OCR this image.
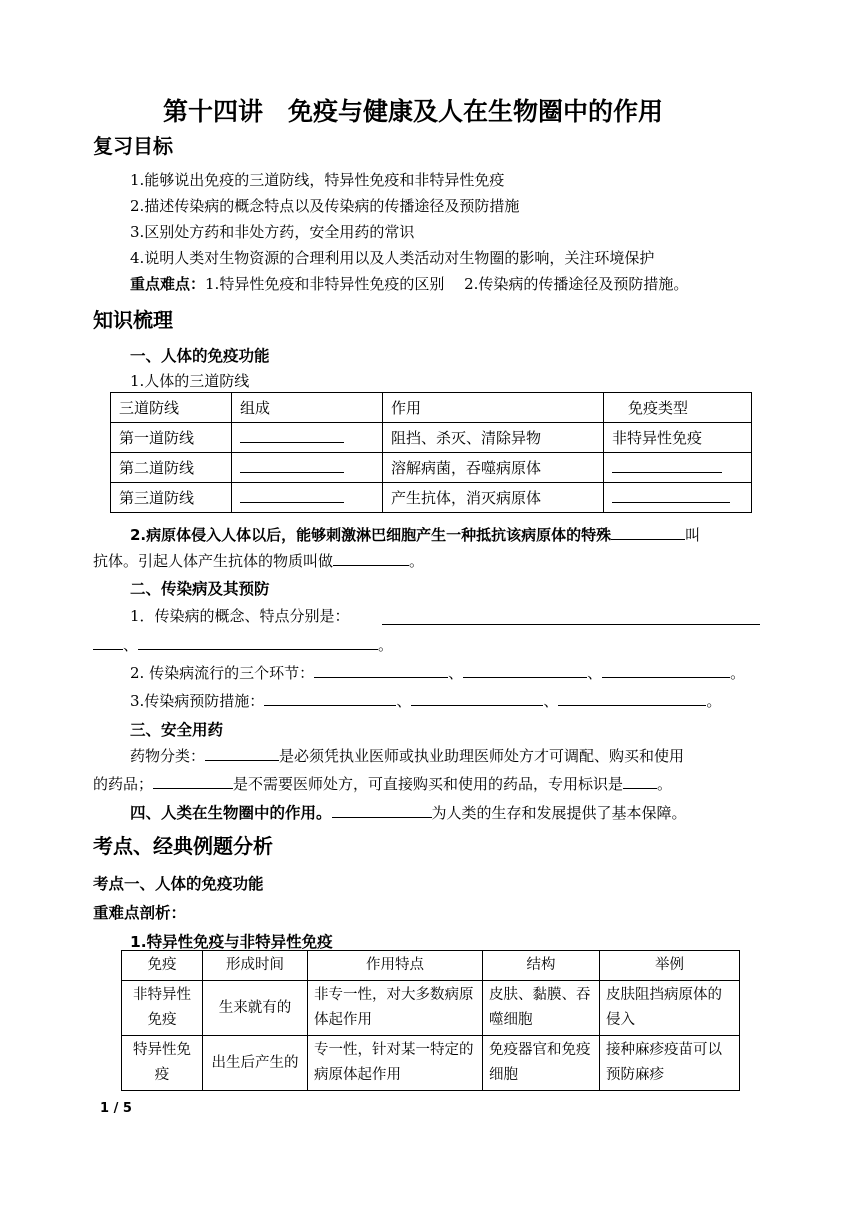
第十四讲　免疫与健康及人在生物圈中的作用
复习目标
1.能够说出免疫的三道防线，特异性免疫和非特异性免疫
2.描述传染病的概念特点以及传染病的传播途径及预防措施
3.区别处方药和非处方药，安全用药的常识
4.说明人类对生物资源的合理利用以及人类活动对生物圈的影响，关注环境保护
重点难点：1.特异性免疫和非特异性免疫的区别　 2.传染病的传播途径及预防措施。
知识梳理
一、人体的免疫功能
1.人体的三道防线
三道防线	组成	作用	免疫类型
第一道防线		阻挡、杀灭、清除异物	非特异性免疫
第二道防线		溶解病菌，吞噬病原体	
第三道防线		产生抗体，消灭病原体	
2.病原体侵入人体以后，能够刺激淋巴细胞产生一种抵抗该病原体的特殊	叫
抗体。引起人体产生抗体的物质叫做	。
二、传染病及其预防
1．传染病的概念、特点分别是：
、	。
2. 传染病流行的三个环节：	、	、	。
3.传染病预防措施：	、	、	。
三、安全用药
药物分类：	是必须凭执业医师或执业助理医师处方才可调配、购买和使用
的药品；	是不需要医师处方，可直接购买和使用的药品，专用标识是 。
四、人类在生物圈中的作用。	为人类的生存和发展提供了基本保障。
考点、经典例题分析
考点一、人体的免疫功能
重难点剖析：
1.特异性免疫与非特异性免疫
免疫	形成时间	作用特点	结构	举例
非特异性免疫	生来就有的	非专一性，对大多数病原体起作用	皮肤、黏膜、吞噬细胞	皮肤阻挡病原体的侵入
特异性免疫	出生后产生的	专一性，针对某一特定的病原体起作用	免疫器官和免疫细胞	接种麻疹疫苗可以预防麻疹
1 / 5
